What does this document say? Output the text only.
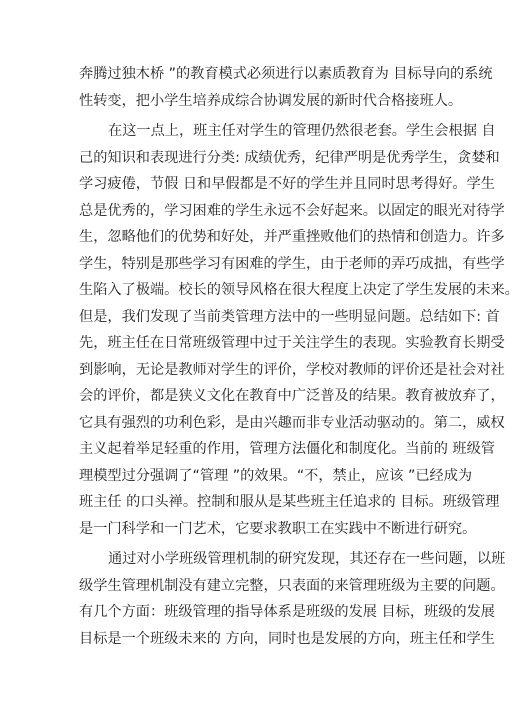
奔腾过独木桥 ”的教育模式必须进行以素质教育为 目标导向的系统
性转变，把小学生培养成综合协调发展的新时代合格接班人。
在这一点上，班主任对学生的管理仍然很老套。学生会根据 自
己的知识和表现进行分类: 成绩优秀，纪律严明是优秀学生，贪婪和
学习疲倦，节假 日和早假都是不好的学生并且同时思考得好。学生
总是优秀的，学习困难的学生永远不会好起来。以固定的眼光对待学
生，忽略他们的优势和好处，并严重挫败他们的热情和创造力。许多
学生，特别是那些学习有困难的学生，由于老师的弄巧成拙，有些学
生陷入了极端。校长的领导风格在很大程度上决定了学生发展的未来。
但是，我们发现了当前类管理方法中的一些明显问题。总结如下: 首
先，班主任在日常班级管理中过于关注学生的表现。实验教育长期受
到影响，无论是教师对学生的评价，学校对教师的评价还是社会对社
会的评价，都是狭义文化在教育中广泛普及的结果。教育被放弃了，
它具有强烈的功利色彩，是由兴趣而非专业活动驱动的。第二，威权
主义起着举足轻重的作用，管理方法僵化和制度化。当前的 班级管
理模型过分强调了“管理 ”的效果。“不，禁止，应该 ”已经成为
班主任 的口头禅。控制和服从是某些班主任追求的 目标。班级管理
是一门科学和一门艺术，它要求教职工在实践中不断进行研究。
通过对小学班级管理机制的研究发现，其还存在一些问题，以班
级学生管理机制没有建立完整，只表面的来管理班级为主要的问题。
有几个方面：班级管理的指导体系是班级的发展 目标，班级的发展
目标是一个班级未来的 方向，同时也是发展的方向，班主任和学生
